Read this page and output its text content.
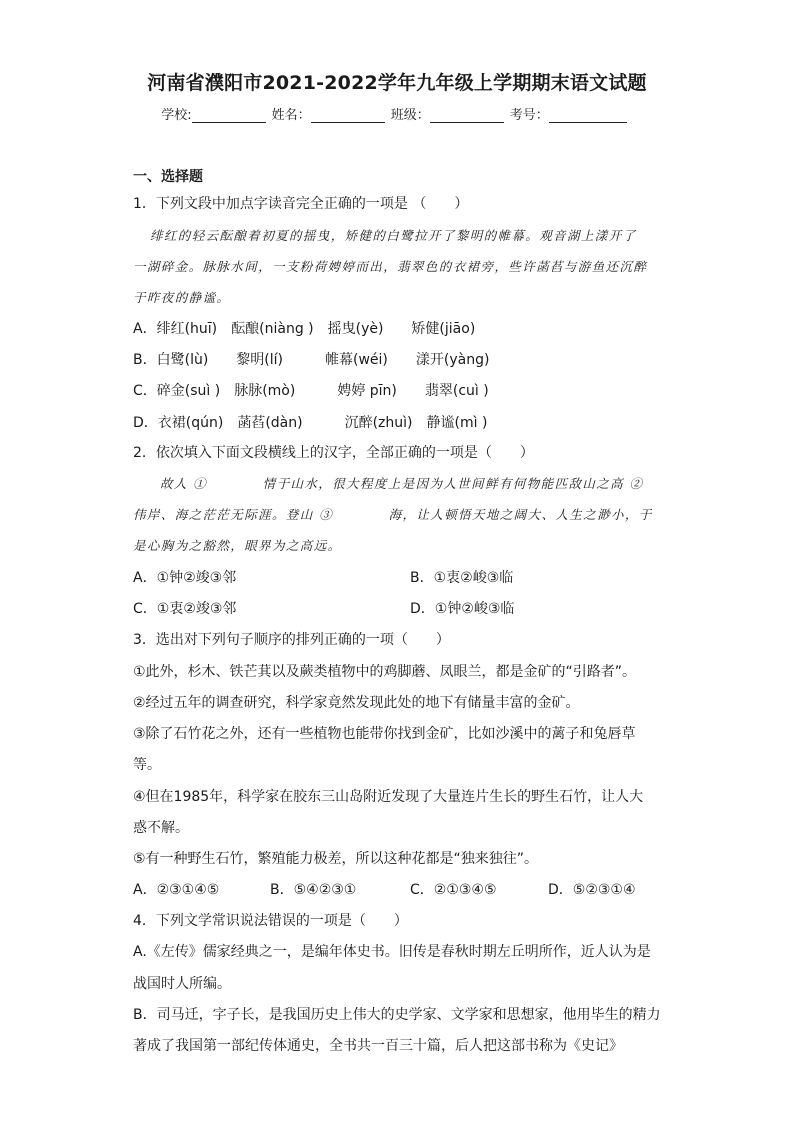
河南省濮阳市2021-2022学年九年级上学期期末语文试题
学校:	姓名：	班级：	考号：
一、选择题
1．下列文段中加点字读音完全正确的一项是 （　　）
绯红的轻云酝酿着初夏的摇曳，矫健的白鹭拉开了黎明的帷幕。观音湖上漾开了
一湖碎金。脉脉水间，一支粉荷娉婷而出，翡翠色的衣裙旁，些许菡萏与游鱼还沉醉
于昨夜的静谧。
A．绯红(huī)　酝酿(niàng )　摇曳(yè)　　矫健(jiāo)
B．白鹭(lù)　　黎明(lí)　　　帷幕(wéi)　　漾开(yàng)
C．碎金(suì )　脉脉(mò)　　　娉婷 pīn)　　翡翠(cuì )
D．衣裙(qún)　菡萏(dàn)　　　沉醉(zhuì)　静谧(mì )
2．依次填入下面文段横线上的汉字，全部正确的一项是（　　）
故人 ①　　　　情于山水，很大程度上是因为人世间鲜有何物能匹敌山之高 ②
伟岸、海之茫茫无际涯。登山 ③　　　　海，让人顿悟天地之阔大、人生之渺小，于
是心胸为之豁然，眼界为之高远。
A．①钟②竣③邻	B．①衷②峻③临
C．①衷②竣③邻	D．①钟②峻③临
3．选出对下列句子顺序的排列正确的一项（　　）
①此外，杉木、铁芒萁以及蕨类植物中的鸡脚蘑、凤眼兰，都是金矿的“引路者”。
②经过五年的调查研究，科学家竟然发现此处的地下有储量丰富的金矿。
③除了石竹花之外，还有一些植物也能带你找到金矿，比如沙溪中的蓠子和兔唇草
等。
④但在1985年，科学家在胶东三山岛附近发现了大量连片生长的野生石竹，让人大
惑不解。
⑤有一种野生石竹，繁殖能力极差，所以这种花都是“独来独往”。
A．②③①④⑤	B．⑤④②③①	C．②①③④⑤	D．⑤②③①④
4．下列文学常识说法错误的一项是（　　）
A.《左传》儒家经典之一，是编年体史书。旧传是春秋时期左丘明所作，近人认为是
战国时人所编。
B．司马迁，字子长，是我国历史上伟大的史学家、文学家和思想家，他用毕生的精力
著成了我国第一部纪传体通史，全书共一百三十篇，后人把这部书称为《史记》
